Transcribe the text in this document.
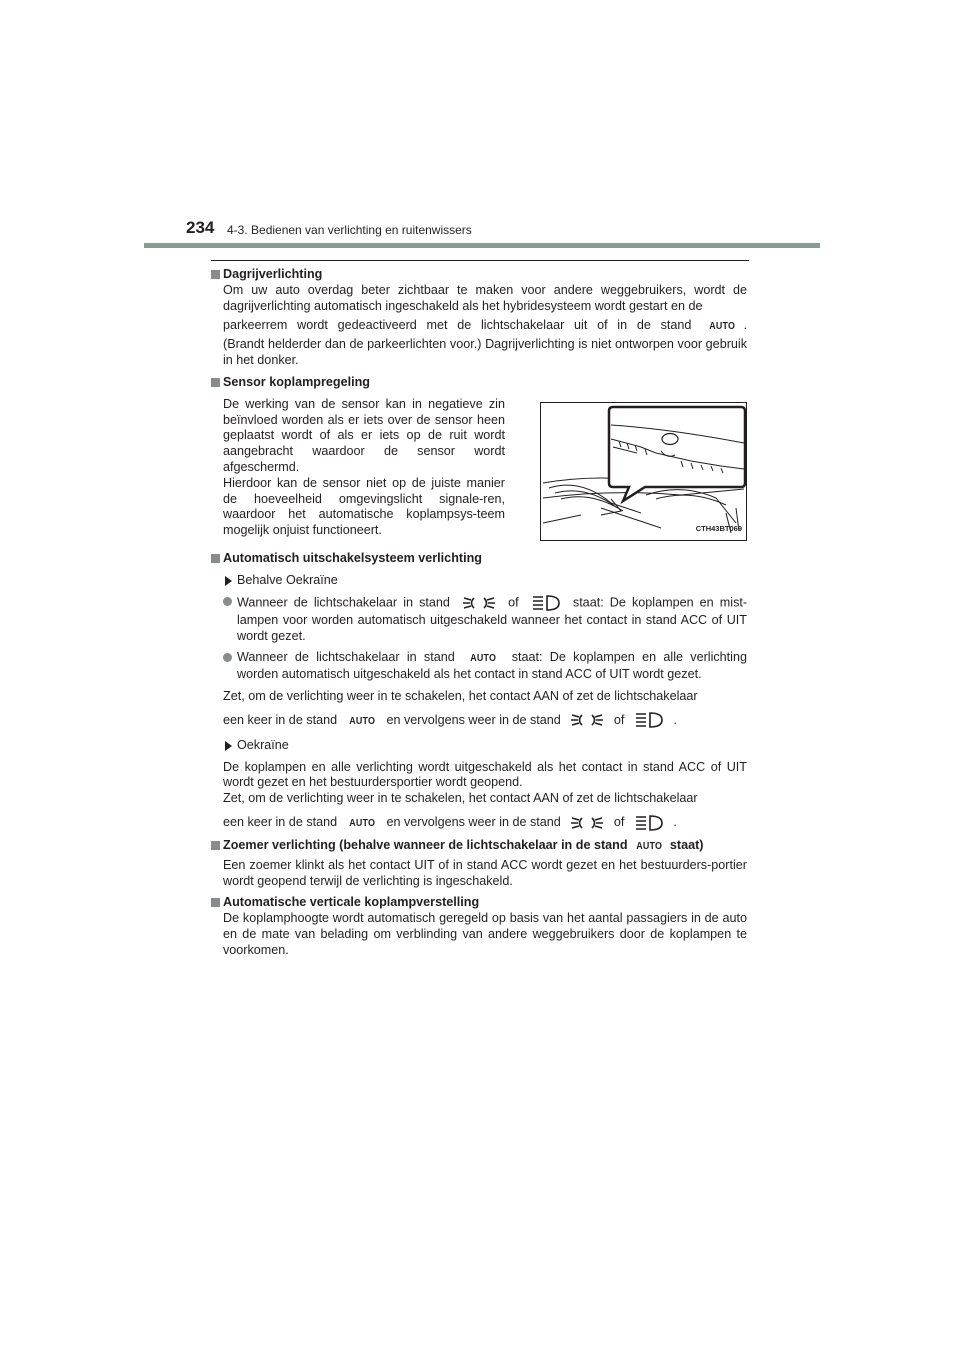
234 4-3. Bedienen van verlichting en ruitenwissers

Dagrijverlichting

Om uw auto overdag beter zichtbaar te maken voor andere weggebruikers, wordt de dagrijverlichting automatisch ingeschakeld als het hybridesysteem wordt gestart en de

parkeerrem wordt gedeactiveerd met de lichtschakelaar uit of in de stand AUTO .

(Brandt helderder dan de parkeerlichten voor.) Dagrijverlichting is niet ontworpen voor gebruik in het donker.

Sensor koplampregeling

De werking van de sensor kan in negatieve zin beïnvloed worden als er iets over de sensor heen geplaatst wordt of als er iets op de ruit wordt aangebracht waardoor de sensor wordt afgeschermd.
Hierdoor kan de sensor niet op de juiste manier de hoeveelheid omgevingslicht signale-ren, waardoor het automatische koplampsys-teem mogelijk onjuist functioneert.	CTH43BT069

Automatisch uitschakelsysteem verlichting

Behalve Oekraïne

Wanneer de lichtschakelaar in stand	of	staat: De koplampen en mist-lampen voor worden automatisch uitgeschakeld wanneer het contact in stand ACC of UIT wordt gezet.

Wanneer de lichtschakelaar in stand AUTO staat: De koplampen en alle verlichting worden automatisch uitgeschakeld als het contact in stand ACC of UIT wordt gezet.

Zet, om de verlichting weer in te schakelen, het contact AAN of zet de lichtschakelaar

een keer in de stand AUTO en vervolgens weer in de stand	of	.

Oekraïne

De koplampen en alle verlichting wordt uitgeschakeld als het contact in stand ACC of UIT wordt gezet en het bestuurdersportier wordt geopend.

Zet, om de verlichting weer in te schakelen, het contact AAN of zet de lichtschakelaar

een keer in de stand AUTO en vervolgens weer in de stand	of	.

Zoemer verlichting (behalve wanneer de lichtschakelaar in de stand AUTO staat)

Een zoemer klinkt als het contact UIT of in stand ACC wordt gezet en het bestuurders-portier wordt geopend terwijl de verlichting is ingeschakeld.

Automatische verticale koplampverstelling

De koplamphoogte wordt automatisch geregeld op basis van het aantal passagiers in de auto en de mate van belading om verblinding van andere weggebruikers door de koplampen te voorkomen.
